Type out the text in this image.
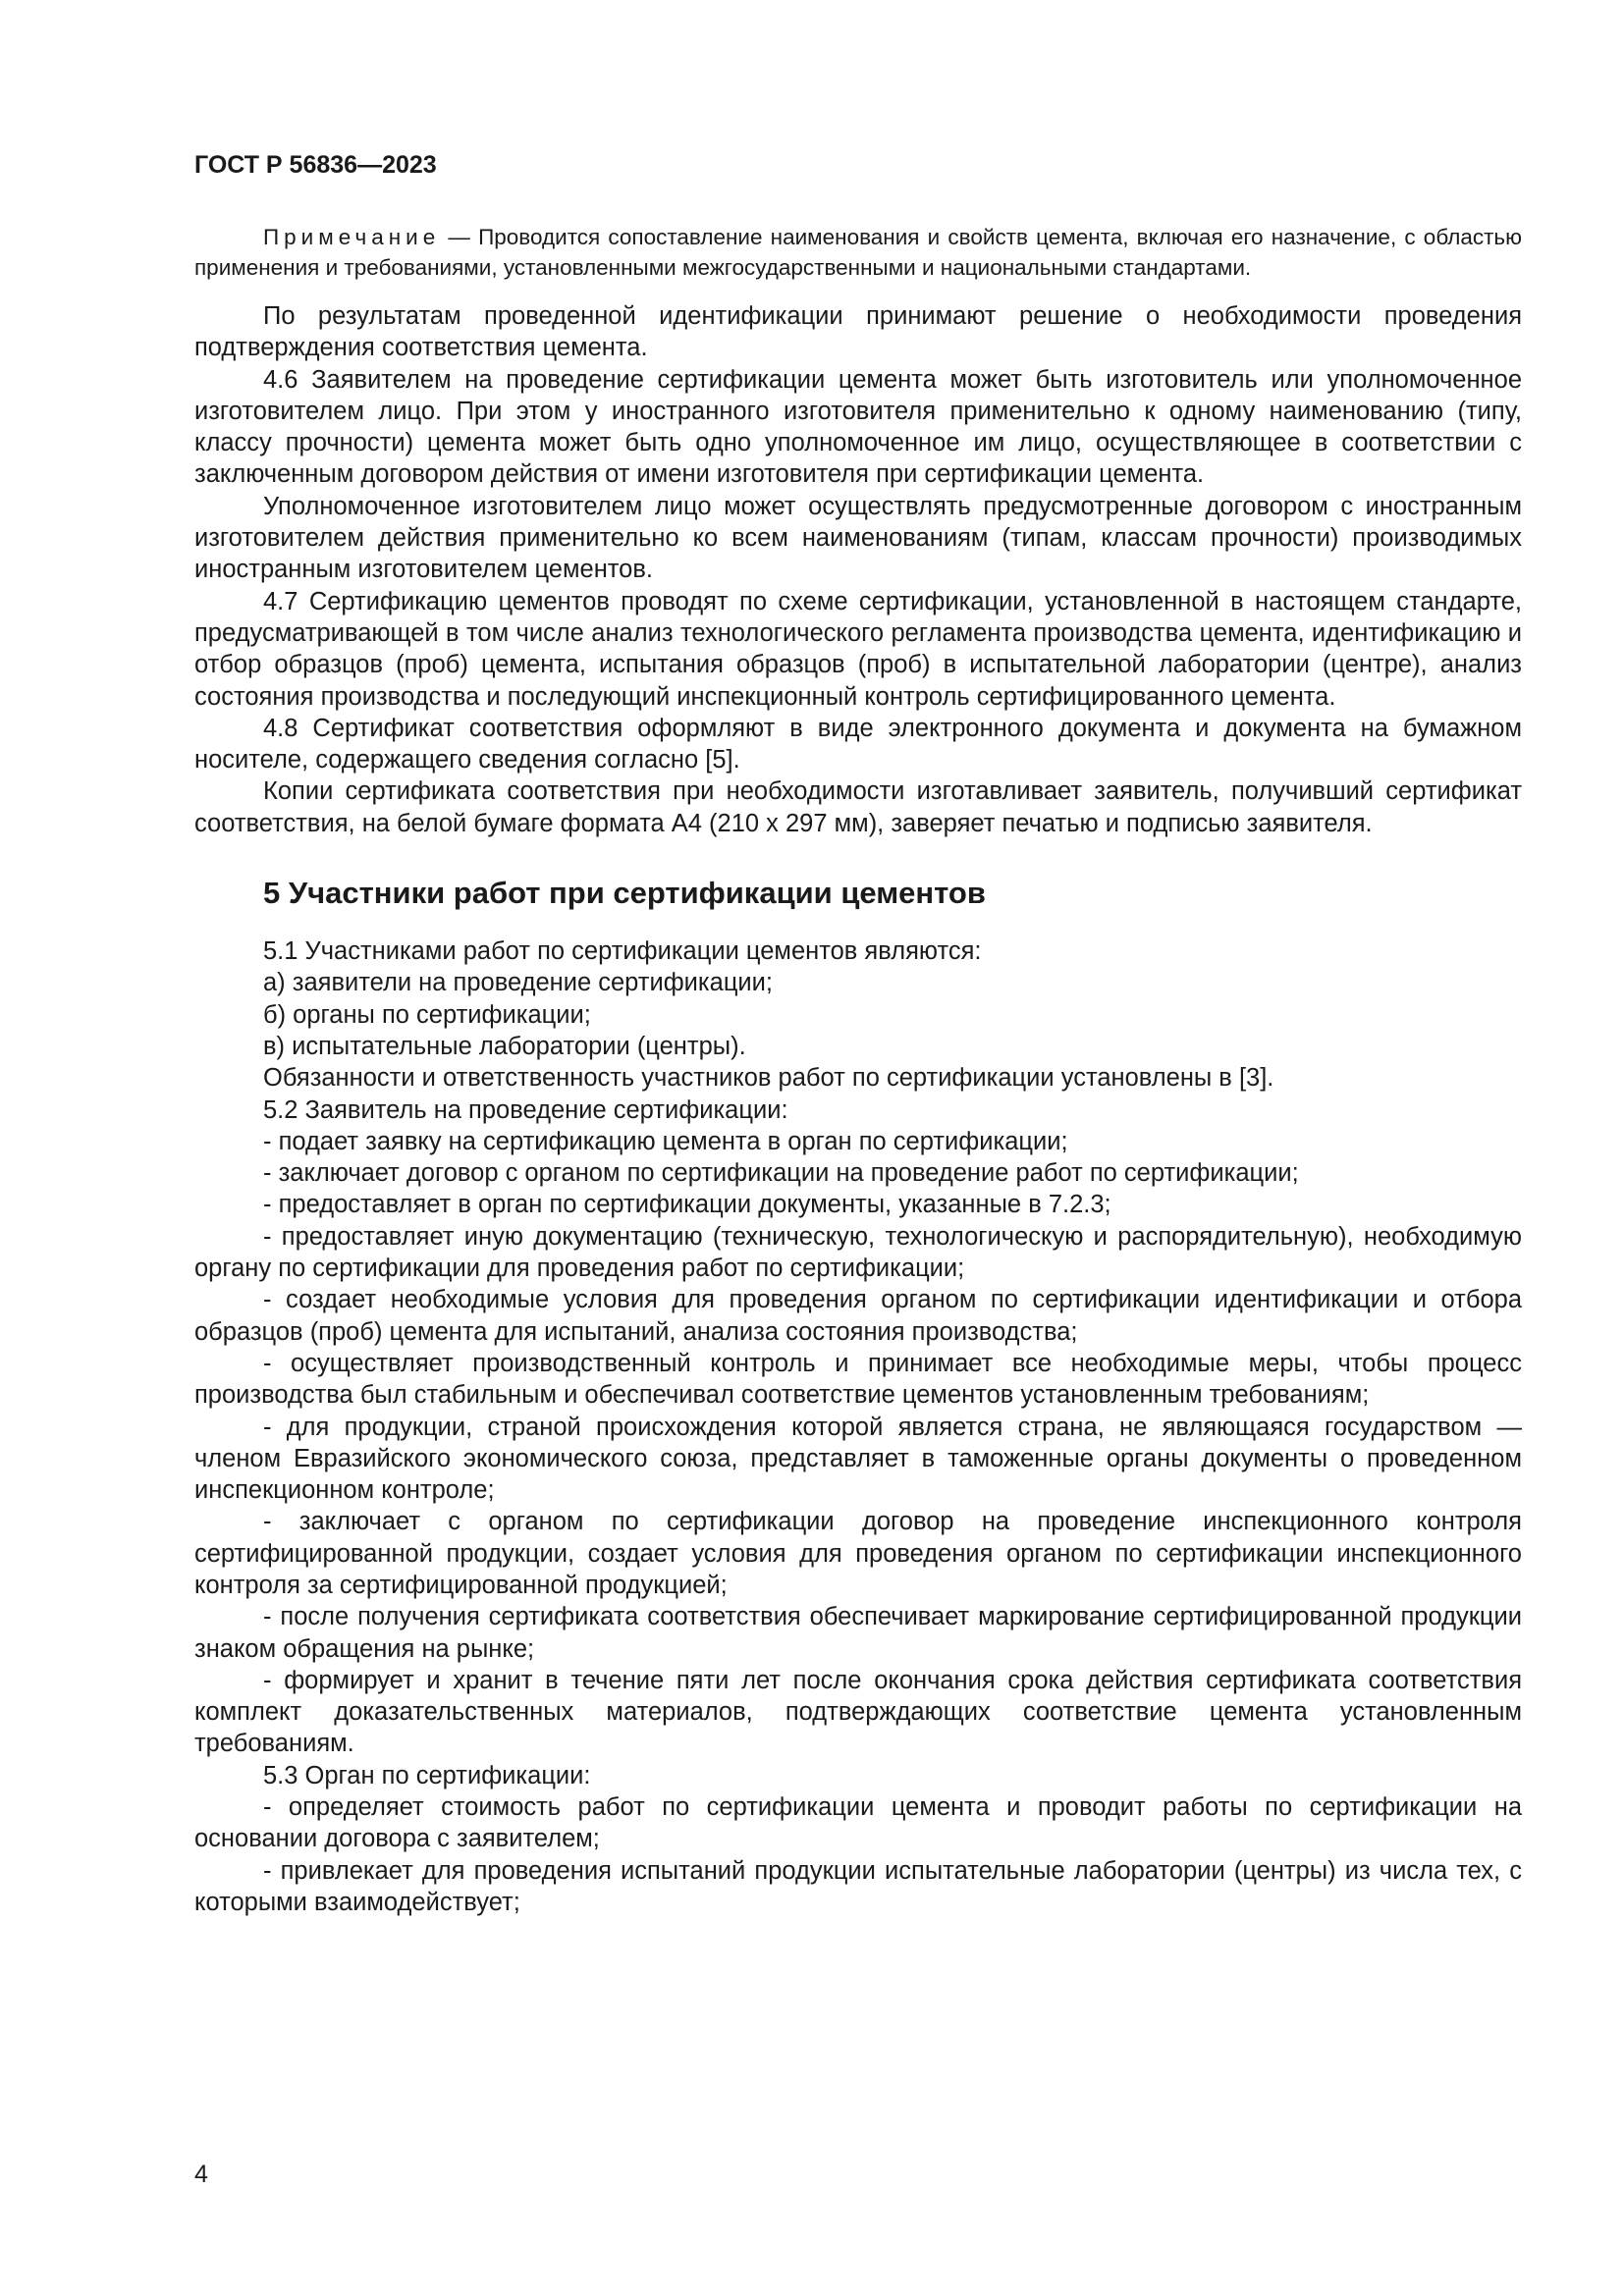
ГОСТ Р 56836—2023

Примечание — Проводится сопоставление наименования и свойств цемента, включая его назначение, с областью применения и требованиями, установленными межгосударственными и национальными стандартами.

По результатам проведенной идентификации принимают решение о необходимости проведения подтверждения соответствия цемента.

4.6 Заявителем на проведение сертификации цемента может быть изготовитель или уполномоченное изготовителем лицо. При этом у иностранного изготовителя применительно к одному наименованию (типу, классу прочности) цемента может быть одно уполномоченное им лицо, осуществляющее в соответствии с заключенным договором действия от имени изготовителя при сертификации цемента.

Уполномоченное изготовителем лицо может осуществлять предусмотренные договором с иностранным изготовителем действия применительно ко всем наименованиям (типам, классам прочности) производимых иностранным изготовителем цементов.

4.7 Сертификацию цементов проводят по схеме сертификации, установленной в настоящем стандарте, предусматривающей в том числе анализ технологического регламента производства цемента, идентификацию и отбор образцов (проб) цемента, испытания образцов (проб) в испытательной лаборатории (центре), анализ состояния производства и последующий инспекционный контроль сертифицированного цемента.

4.8 Сертификат соответствия оформляют в виде электронного документа и документа на бумажном носителе, содержащего сведения согласно [5].

Копии сертификата соответствия при необходимости изготавливает заявитель, получивший сертификат соответствия, на белой бумаге формата А4 (210 х 297 мм), заверяет печатью и подписью заявителя.

5 Участники работ при сертификации цементов

5.1 Участниками работ по сертификации цементов являются:

а) заявители на проведение сертификации;

б) органы по сертификации;

в) испытательные лаборатории (центры).

Обязанности и ответственность участников работ по сертификации установлены в [3].

5.2 Заявитель на проведение сертификации:

- подает заявку на сертификацию цемента в орган по сертификации;

- заключает договор с органом по сертификации на проведение работ по сертификации;

- предоставляет в орган по сертификации документы, указанные в 7.2.3;

- предоставляет иную документацию (техническую, технологическую и распорядительную), необходимую органу по сертификации для проведения работ по сертификации;

- создает необходимые условия для проведения органом по сертификации идентификации и отбора образцов (проб) цемента для испытаний, анализа состояния производства;

- осуществляет производственный контроль и принимает все необходимые меры, чтобы процесс производства был стабильным и обеспечивал соответствие цементов установленным требованиям;

- для продукции, страной происхождения которой является страна, не являющаяся государством — членом Евразийского экономического союза, представляет в таможенные органы документы о проведенном инспекционном контроле;

- заключает с органом по сертификации договор на проведение инспекционного контроля сертифицированной продукции, создает условия для проведения органом по сертификации инспекционного контроля за сертифицированной продукцией;

- после получения сертификата соответствия обеспечивает маркирование сертифицированной продукции знаком обращения на рынке;

- формирует и хранит в течение пяти лет после окончания срока действия сертификата соответствия комплект доказательственных материалов, подтверждающих соответствие цемента установленным требованиям.

5.3 Орган по сертификации:

- определяет стоимость работ по сертификации цемента и проводит работы по сертификации на основании договора с заявителем;

- привлекает для проведения испытаний продукции испытательные лаборатории (центры) из числа тех, с которыми взаимодействует;

4
